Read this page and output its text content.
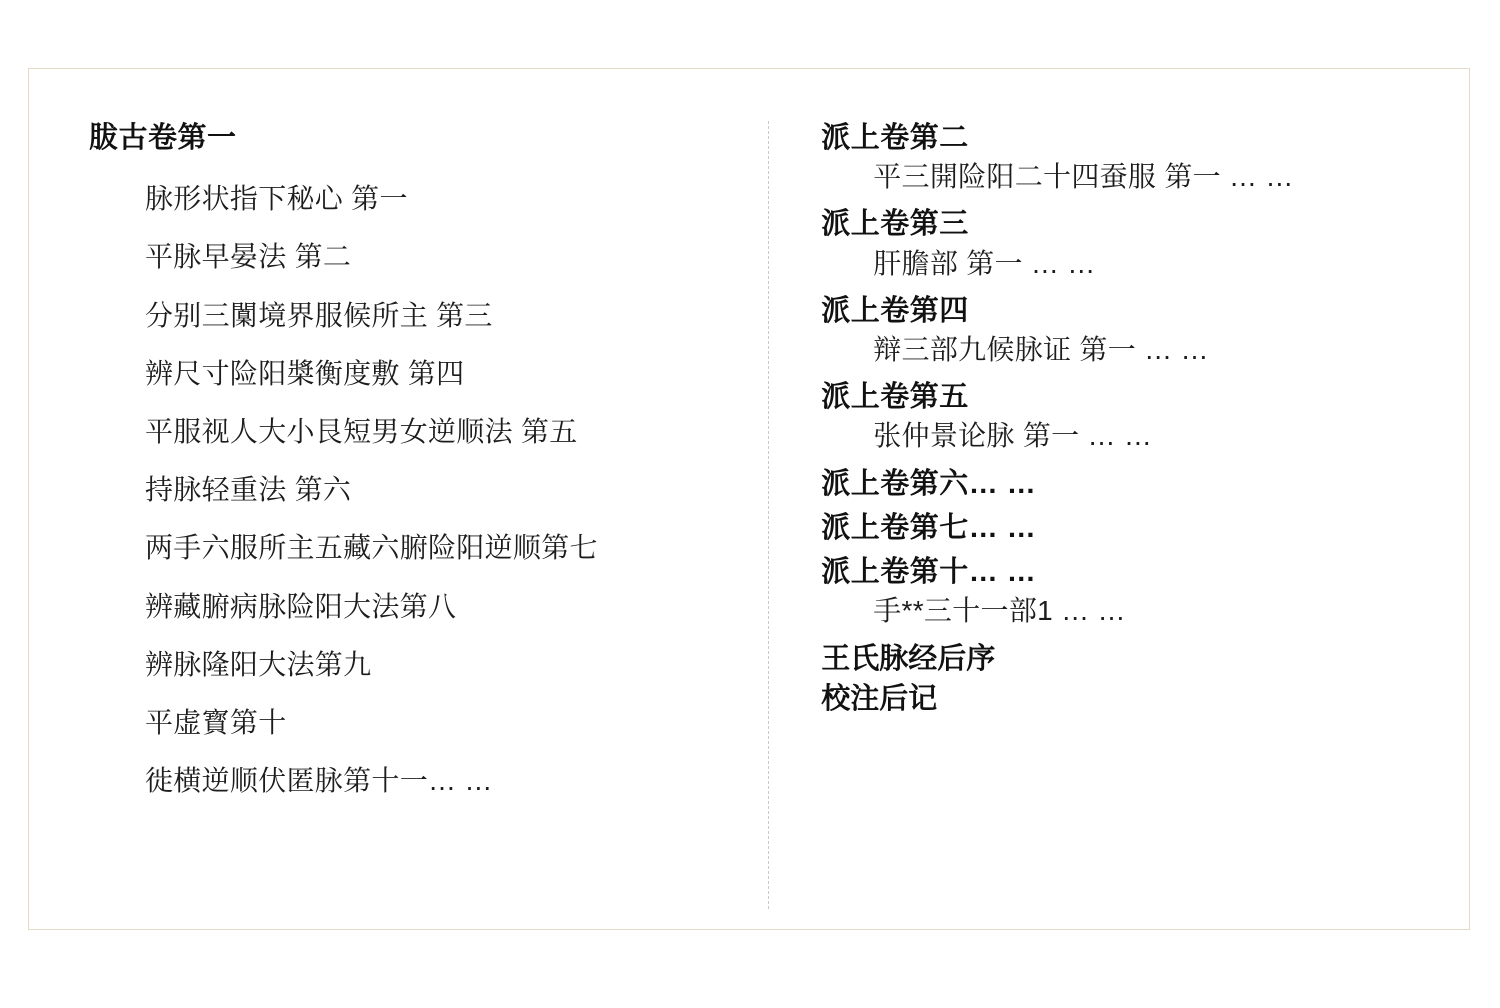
胈古卷第一

脉形状指下秘心 第一

平脉早晏法 第二

分别三闑境界服候所主 第三

辨尺寸险阳槳衡度敷 第四

平服视人大小艮短男女逆顺法 第五

持脉轻重法 第六

两手六服所主五藏六腑险阳逆顺第七

辨藏腑病脉险阳大法第八

辨脉隆阳大法第九

平虚寳第十

徙横逆顺伏匿脉第十一… …

派上卷第二

平三開险阳二十四蚕服 第一 … …

派上卷第三

肝膽部 第一 … …

派上卷第四

辩三部九候脉证 第一 … …

派上卷第五

张仲景论脉 第一 … …

派上卷第六… …

派上卷第七… …

派上卷第十… …

手**三十一部1 … …

王氏脉经后序

校注后记
